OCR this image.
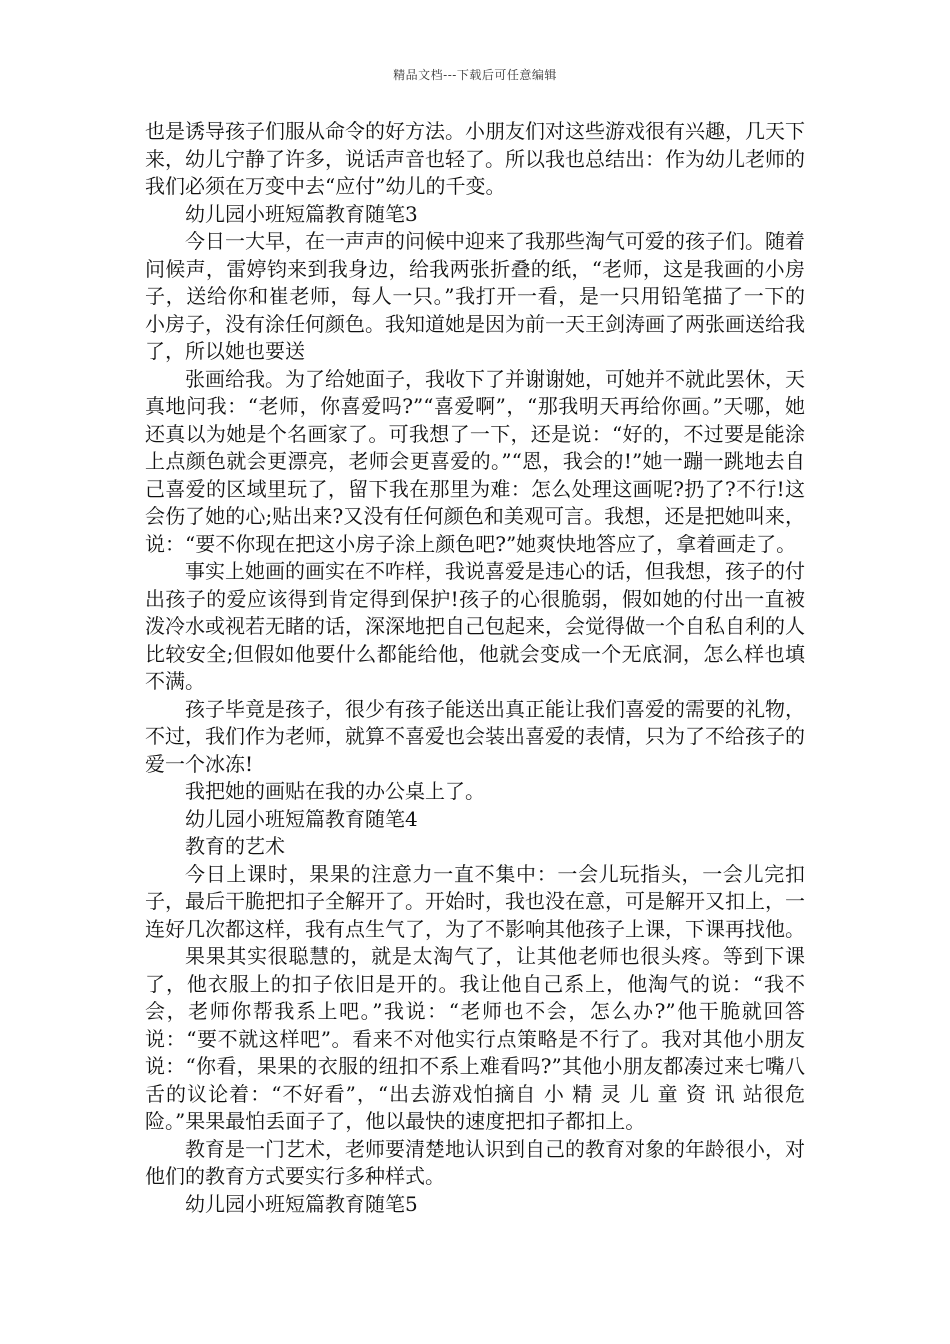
精品文档---下载后可任意编辑

也是诱导孩子们服从命令的好方法。小朋友们对这些游戏很有兴趣，几天下来，幼儿宁静了许多，说话声音也轻了。所以我也总结出：作为幼儿老师的我们必须在万变中去“应付”幼儿的千变。

幼儿园小班短篇教育随笔3

今日一大早，在一声声的问候中迎来了我那些淘气可爱的孩子们。随着问候声，雷婷钧来到我身边，给我两张折叠的纸，“老师，这是我画的小房子，送给你和崔老师，每人一只。”我打开一看，是一只用铅笔描了一下的小房子，没有涂任何颜色。我知道她是因为前一天王剑涛画了两张画送给我了，所以她也要送

张画给我。为了给她面子，我收下了并谢谢她，可她并不就此罢休，天真地问我：“老师，你喜爱吗?”“喜爱啊”，“那我明天再给你画。”天哪，她还真以为她是个名画家了。可我想了一下，还是说：“好的，不过要是能涂上点颜色就会更漂亮，老师会更喜爱的。”“恩，我会的!”她一蹦一跳地去自己喜爱的区域里玩了，留下我在那里为难：怎么处理这画呢?扔了?不行!这会伤了她的心;贴出来?又没有任何颜色和美观可言。我想，还是把她叫来，说：“要不你现在把这小房子涂上颜色吧?”她爽快地答应了，拿着画走了。

事实上她画的画实在不咋样，我说喜爱是违心的话，但我想，孩子的付出孩子的爱应该得到肯定得到保护!孩子的心很脆弱，假如她的付出一直被泼冷水或视若无睹的话，深深地把自己包起来，会觉得做一个自私自利的人比较安全;但假如他要什么都能给他，他就会变成一个无底洞，怎么样也填不满。

孩子毕竟是孩子，很少有孩子能送出真正能让我们喜爱的需要的礼物，不过，我们作为老师，就算不喜爱也会装出喜爱的表情，只为了不给孩子的爱一个冰冻!

我把她的画贴在我的办公桌上了。

幼儿园小班短篇教育随笔4

教育的艺术

今日上课时，果果的注意力一直不集中：一会儿玩指头，一会儿完扣子，最后干脆把扣子全解开了。开始时，我也没在意，可是解开又扣上，一连好几次都这样，我有点生气了，为了不影响其他孩子上课，下课再找他。

果果其实很聪慧的，就是太淘气了，让其他老师也很头疼。等到下课了，他衣服上的扣子依旧是开的。我让他自己系上，他淘气的说：“我不会，老师你帮我系上吧。”我说：“老师也不会，怎么办?”他干脆就回答说：“要不就这样吧”。看来不对他实行点策略是不行了。我对其他小朋友说：“你看，果果的衣服的纽扣不系上难看吗?”其他小朋友都凑过来七嘴八舌的议论着：“不好看”，“出去游戏怕摘自 小 精 灵 儿 童 资 讯 站很危险。”果果最怕丢面子了，他以最快的速度把扣子都扣上。

教育是一门艺术，老师要清楚地认识到自己的教育对象的年龄很小，对他们的教育方式要实行多种样式。

幼儿园小班短篇教育随笔5
